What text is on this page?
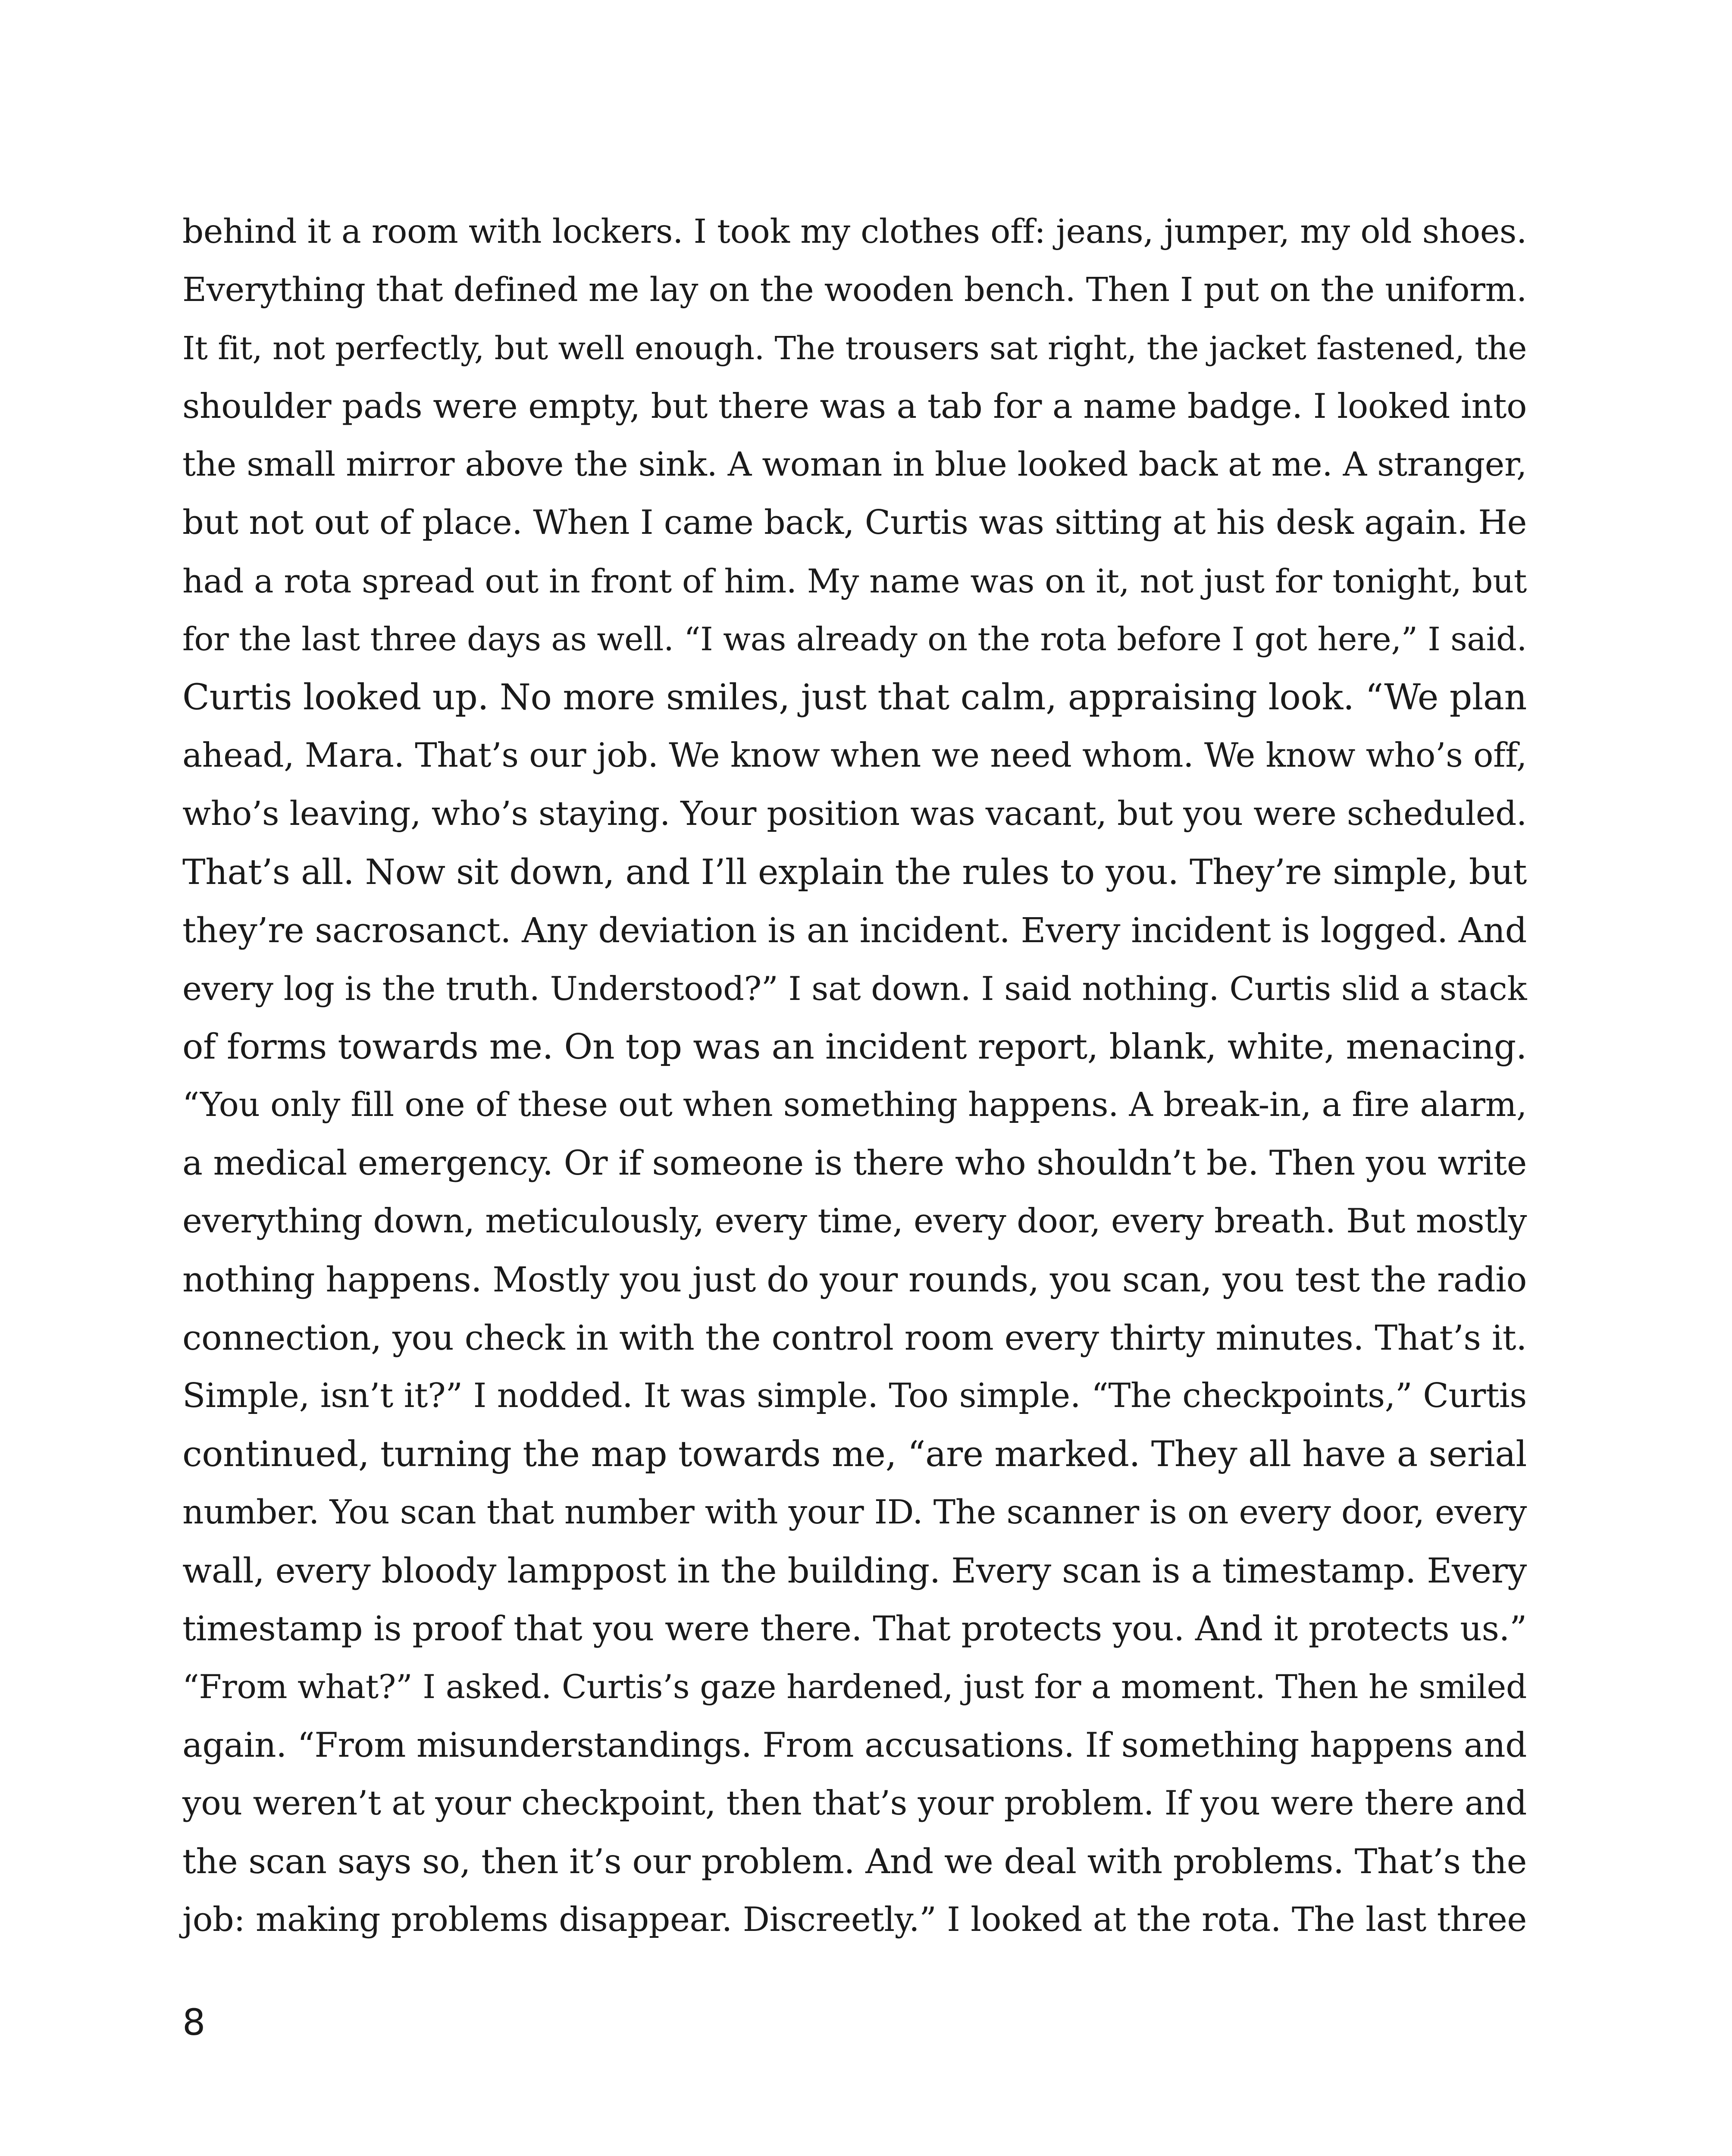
behind it a room with lockers. I took my clothes off: jeans, jumper, my old shoes.
Everything that defined me lay on the wooden bench. Then I put on the uniform.
It fit, not perfectly, but well enough. The trousers sat right, the jacket fastened, the
shoulder pads were empty, but there was a tab for a name badge. I looked into
the small mirror above the sink. A woman in blue looked back at me. A stranger,
but not out of place. When I came back, Curtis was sitting at his desk again. He
had a rota spread out in front of him. My name was on it, not just for tonight, but
for the last three days as well. “I was already on the rota before I got here,” I said.
Curtis looked up. No more smiles, just that calm, appraising look. “We plan
ahead, Mara. That’s our job. We know when we need whom. We know who’s off,
who’s leaving, who’s staying. Your position was vacant, but you were scheduled.
That’s all. Now sit down, and I’ll explain the rules to you. They’re simple, but
they’re sacrosanct. Any deviation is an incident. Every incident is logged. And
every log is the truth. Understood?” I sat down. I said nothing. Curtis slid a stack
of forms towards me. On top was an incident report, blank, white, menacing.
“You only fill one of these out when something happens. A break-in, a fire alarm,
a medical emergency. Or if someone is there who shouldn’t be. Then you write
everything down, meticulously, every time, every door, every breath. But mostly
nothing happens. Mostly you just do your rounds, you scan, you test the radio
connection, you check in with the control room every thirty minutes. That’s it.
Simple, isn’t it?” I nodded. It was simple. Too simple. “The checkpoints,” Curtis
continued, turning the map towards me, “are marked. They all have a serial
number. You scan that number with your ID. The scanner is on every door, every
wall, every bloody lamppost in the building. Every scan is a timestamp. Every
timestamp is proof that you were there. That protects you. And it protects us.”
“From what?” I asked. Curtis’s gaze hardened, just for a moment. Then he smiled
again. “From misunderstandings. From accusations. If something happens and
you weren’t at your checkpoint, then that’s your problem. If you were there and
the scan says so, then it’s our problem. And we deal with problems. That’s the
job: making problems disappear. Discreetly.” I looked at the rota. The last three
8
